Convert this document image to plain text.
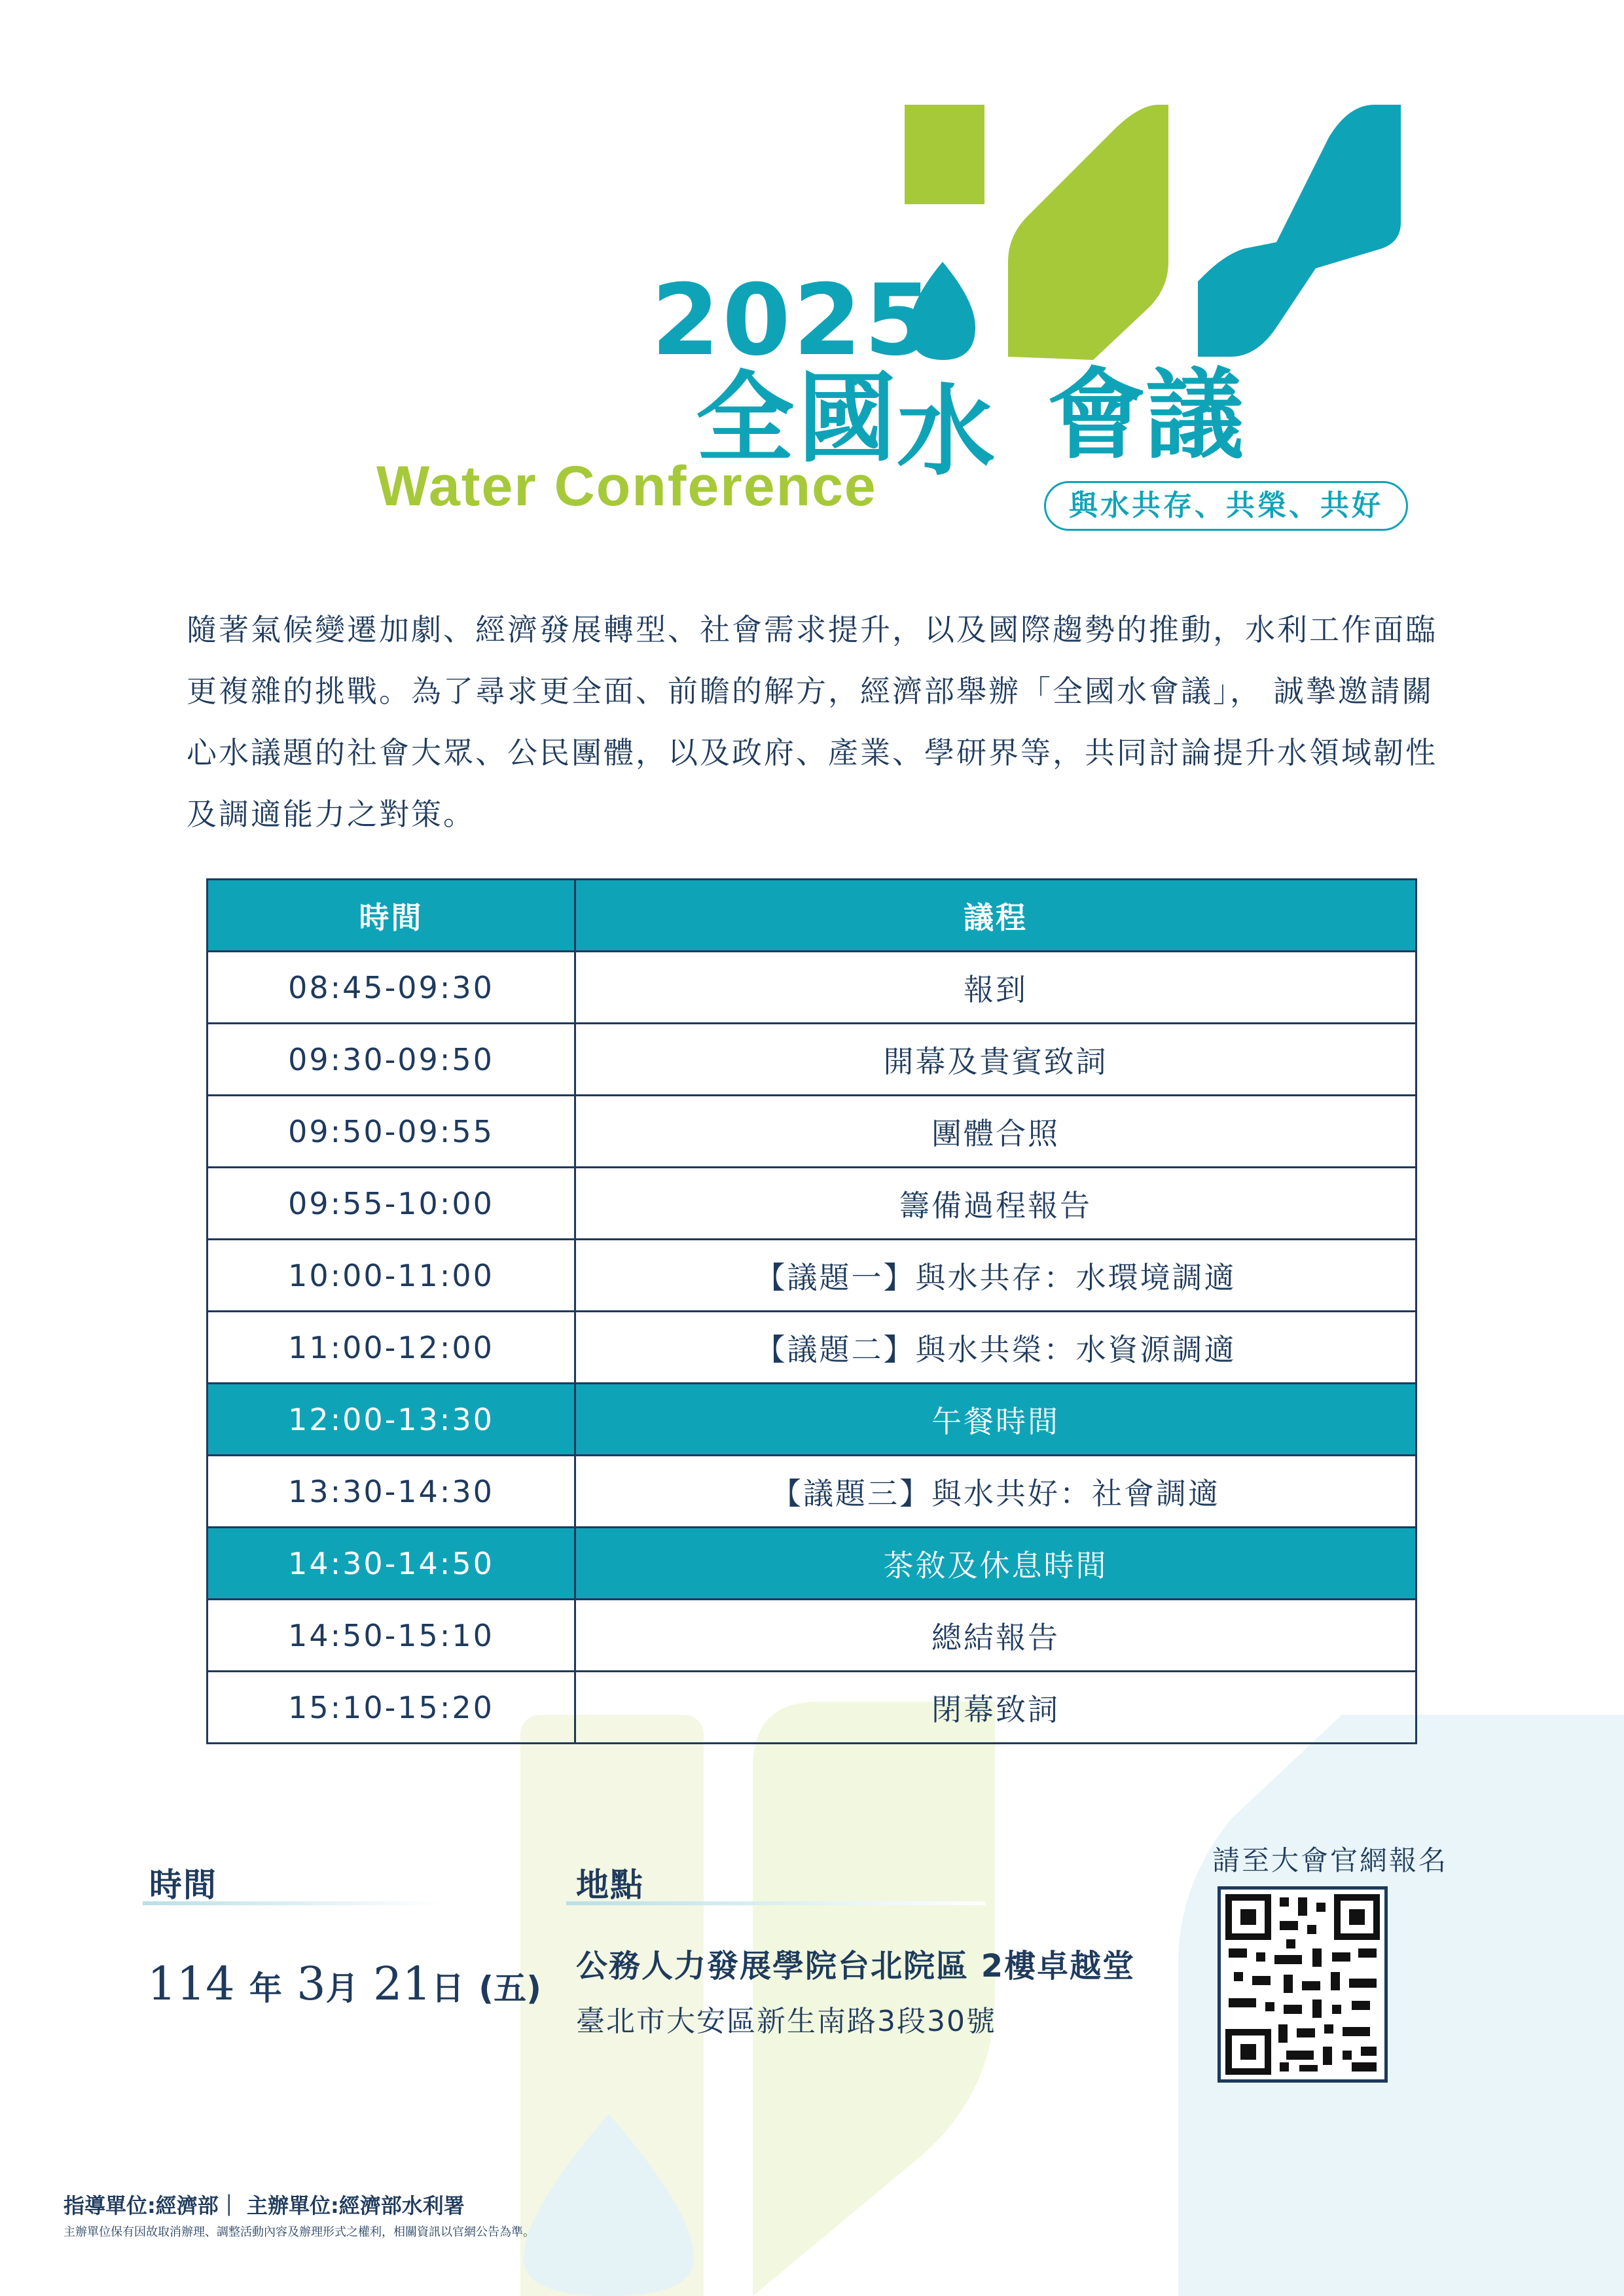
2025
全國
水 會議
Water Conference	與水共存、共榮、共好
隨著氣候變遷加劇、經濟發展轉型、社會需求提升，以及國際趨勢的推動，水利工作面臨更複雜的挑戰。為了尋求更全面、前瞻的解方，經濟部舉辦「全國水會議」， 誠摯邀請關心水議題的社會大眾、公民團體，以及政府、產業、學研界等，共同討論提升水領域韌性及調適能力之對策。
時間	議程
08:45-09:30	報到
09:30-09:50	開幕及貴賓致詞
09:50-09:55	團體合照
09:55-10:00	籌備過程報告
10:00-11:00	【議題一】與水共存：水環境調適
11:00-12:00	【議題二】與水共榮：水資源調適
12:00-13:30	午餐時間
13:30-14:30	【議題三】與水共好：社會調適
14:30-14:50	茶敘及休息時間
14:50-15:10	總結報告
15:10-15:20	閉幕致詞
時間
114 年 3月 21日 (五)
地點
公務人力發展學院台北院區 2樓卓越堂
臺北市大安區新生南路3段30號
請至大會官網報名
指導單位:經濟部｜ 主辦單位:經濟部水利署
主辦單位保有因故取消辦理、調整活動內容及辦理形式之權利，相關資訊以官網公告為準。
